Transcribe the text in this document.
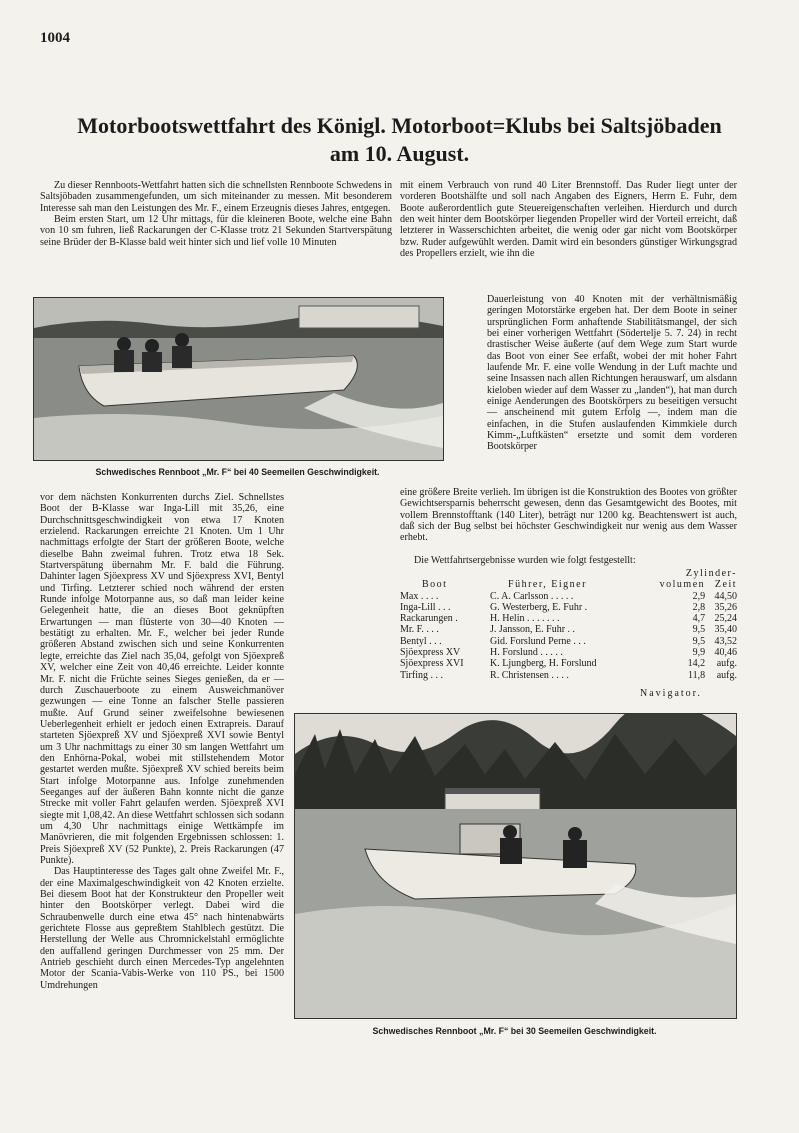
1004
Motorbootswettfahrt des Königl. Motorboot=Klubs bei Saltsjöbaden
am 10. August.

Zu dieser Rennboots-Wettfahrt hatten sich die schnellsten Rennboote Schwedens in Saltsjöbaden zusammengefunden, um sich miteinander zu messen. Mit besonderem Interesse sah man den Leistungen des Mr. F., einem Erzeugnis dieses Jahres, entgegen.

Beim ersten Start, um 12 Uhr mittags, für die kleineren Boote, welche eine Bahn von 10 sm fuhren, ließ Rackarungen der C-Klasse trotz 21 Sekunden Startverspätung seine Brüder der B-Klasse bald weit hinter sich und lief volle 10 Minuten

Schwedisches Rennboot „Mr. F“ bei 40 Seemeilen Geschwindigkeit.

vor dem nächsten Konkurrenten durchs Ziel. Schnellstes Boot der B-Klasse war Inga-Lill mit 35,26, eine Durchschnittsgeschwindigkeit von etwa 17 Knoten erzielend. Rackarungen erreichte 21 Knoten. Um 1 Uhr nachmittags erfolgte der Start der größeren Boote, welche dieselbe Bahn zweimal fuhren. Trotz etwa 18 Sek. Startverspätung übernahm Mr. F. bald die Führung. Dahinter lagen Sjöexpress XV und Sjöexpress XVI, Bentyl und Tirfing. Letzterer schied noch während der ersten Runde infolge Motorpanne aus, so daß man leider keine Gelegenheit hatte, die an dieses Boot geknüpften Erwartungen — man flüsterte von 30—40 Knoten — bestätigt zu erhalten. Mr. F., welcher bei jeder Runde größeren Abstand zwischen sich und seine Konkurrenten legte, erreichte das Ziel nach 35,04, gefolgt von Sjöexpreß XV, welcher eine Zeit von 40,46 erreichte. Leider konnte Mr. F. nicht die Früchte seines Sieges genießen, da er — durch Zuschauerboote zu einem Ausweichmanöver gezwungen — eine Tonne an falscher Stelle passieren mußte. Auf Grund seiner zweifelsohne bewiesenen Ueberlegenheit erhielt er jedoch einen Extrapreis. Darauf starteten Sjöexpreß XV und Sjöexpreß XVI sowie Bentyl um 3 Uhr nachmittags zu einer 30 sm langen Wettfahrt um den Enhörna-Pokal, wobei mit stillstehendem Motor gestartet werden mußte. Sjöexpreß XV schied bereits beim Start infolge Motorpanne aus. Infolge zunehmenden Seeganges auf der äußeren Bahn konnte nicht die ganze Strecke mit voller Fahrt gelaufen werden. Sjöexpreß XVI siegte mit 1,08,42. An diese Wettfahrt schlossen sich sodann um 4,30 Uhr nachmittags einige Wettkämpfe im Manövrieren, die mit folgenden Ergebnissen schlossen: 1. Preis Sjöexpreß XV (52 Punkte), 2. Preis Rackarungen (47 Punkte).

Das Hauptinteresse des Tages galt ohne Zweifel Mr. F., der eine Maximalgeschwindigkeit von 42 Knoten erzielte. Bei diesem Boot hat der Konstrukteur den Propeller weit hinter den Bootskörper verlegt. Dabei wird die Schraubenwelle durch eine etwa 45° nach hintenabwärts gerichtete Flosse aus gepreßtem Stahlblech gestützt. Die Herstellung der Welle aus Chromnickelstahl ermöglichte den auffallend geringen Durchmesser von 25 mm. Der Antrieb geschieht durch einen Mercedes-Typ angelehnten Motor der Scania-Vabis-Werke von 110 PS., bei 1500 Umdrehungen

mit einem Verbrauch von rund 40 Liter Brennstoff. Das Ruder liegt unter der vorderen Bootshälfte und soll nach Angaben des Eigners, Herrn E. Fuhr, dem Boote außerordentlich gute Steuereigenschaften verleihen. Hierdurch und durch den weit hinter dem Bootskörper liegenden Propeller wird der Vorteil erreicht, daß letzterer in Wasserschichten arbeitet, die wenig oder gar nicht vom Bootskörper bzw. Ruder aufgewühlt werden. Damit wird ein besonders günstiger Wirkungsgrad des Propellers erzielt, wie ihn die

Dauerleistung von 40 Knoten mit der verhältnismäßig geringen Motorstärke ergeben hat. Der dem Boote in seiner ursprünglichen Form anhaftende Stabilitätsmangel, der sich bei einer vorherigen Wettfahrt (Södertelje 5. 7. 24) in recht drastischer Weise äußerte (auf dem Wege zum Start wurde das Boot von einer See erfaßt, wobei der mit hoher Fahrt laufende Mr. F. eine volle Wendung in der Luft machte und seine Insassen nach allen Richtungen herauswarf, um alsdann kieloben wieder auf dem Wasser zu „landen“), hat man durch einige Aenderungen des Bootskörpers zu beseitigen versucht — anscheinend mit gutem Erfolg —, indem man die einfachen, in die Stufen auslaufenden Kimmkiele durch Kimm-„Luftkästen“ ersetzte und somit dem vorderen Bootskörper

eine größere Breite verlieh. Im übrigen ist die Konstruktion des Bootes von größter Gewichtsersparnis beherrscht gewesen, denn das Gesamtgewicht des Bootes, mit vollem Brennstofftank (140 Liter), beträgt nur 1200 kg. Beachtenswert ist auch, daß sich der Bug selbst bei höchster Geschwindigkeit nur wenig aus dem Wasser erhebt.

Die Wettfahrtsergebnisse wurden wie folgt festgestellt:

		Zylinder-	
Boot	Führer, Eigner	volumen	Zeit
Max . . . .	C. A. Carlsson . . . . .	2,9	44,50
Inga-Lill . . .	G. Westerberg, E. Fuhr .	2,8	35,26
Rackarungen .	H. Helin . . . . . . .	4,7	25,24
Mr. F. . . .	J. Jansson, E. Fuhr . .	9,5	35,40
Bentyl . . .	Gid. Forslund Perne . . .	9,5	43,52
Sjöexpress XV	H. Forslund . . . . .	9,9	40,46
Sjöexpress XVI	K. Ljungberg, H. Forslund	14,2	aufg.
Tirfing . . .	R. Christensen . . . .	11,8	aufg.
Navigator.
Schwedisches Rennboot „Mr. F“ bei 30 Seemeilen Geschwindigkeit.
